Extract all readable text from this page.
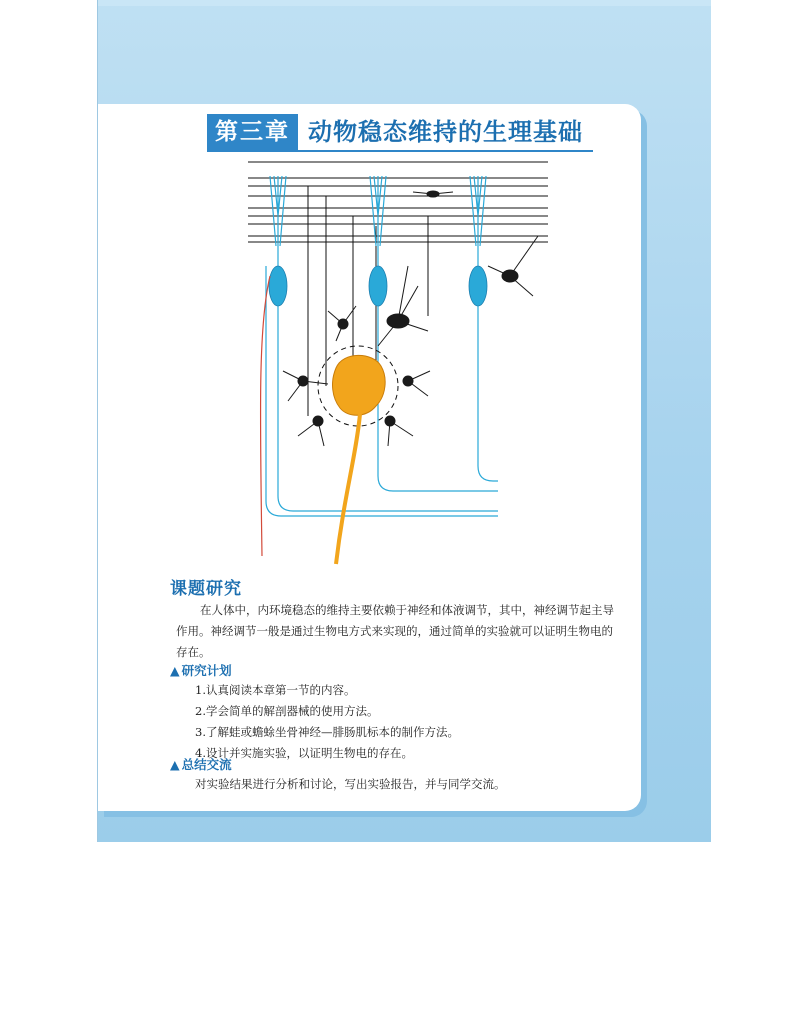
第三章 动物稳态维持的生理基础
课题研究
在人体中，内环境稳态的维持主要依赖于神经和体液调节，其中，神经调节起主导作用。神经调节一般是通过生物电方式来实现的，通过简单的实验就可以证明生物电的存在。
▲ 研究计划
1.认真阅读本章第一节的内容。
2.学会简单的解剖器械的使用方法。
3.了解蛙或蟾蜍坐骨神经—腓肠肌标本的制作方法。
4.设计并实施实验，以证明生物电的存在。
▲ 总结交流
对实验结果进行分析和讨论，写出实验报告，并与同学交流。
